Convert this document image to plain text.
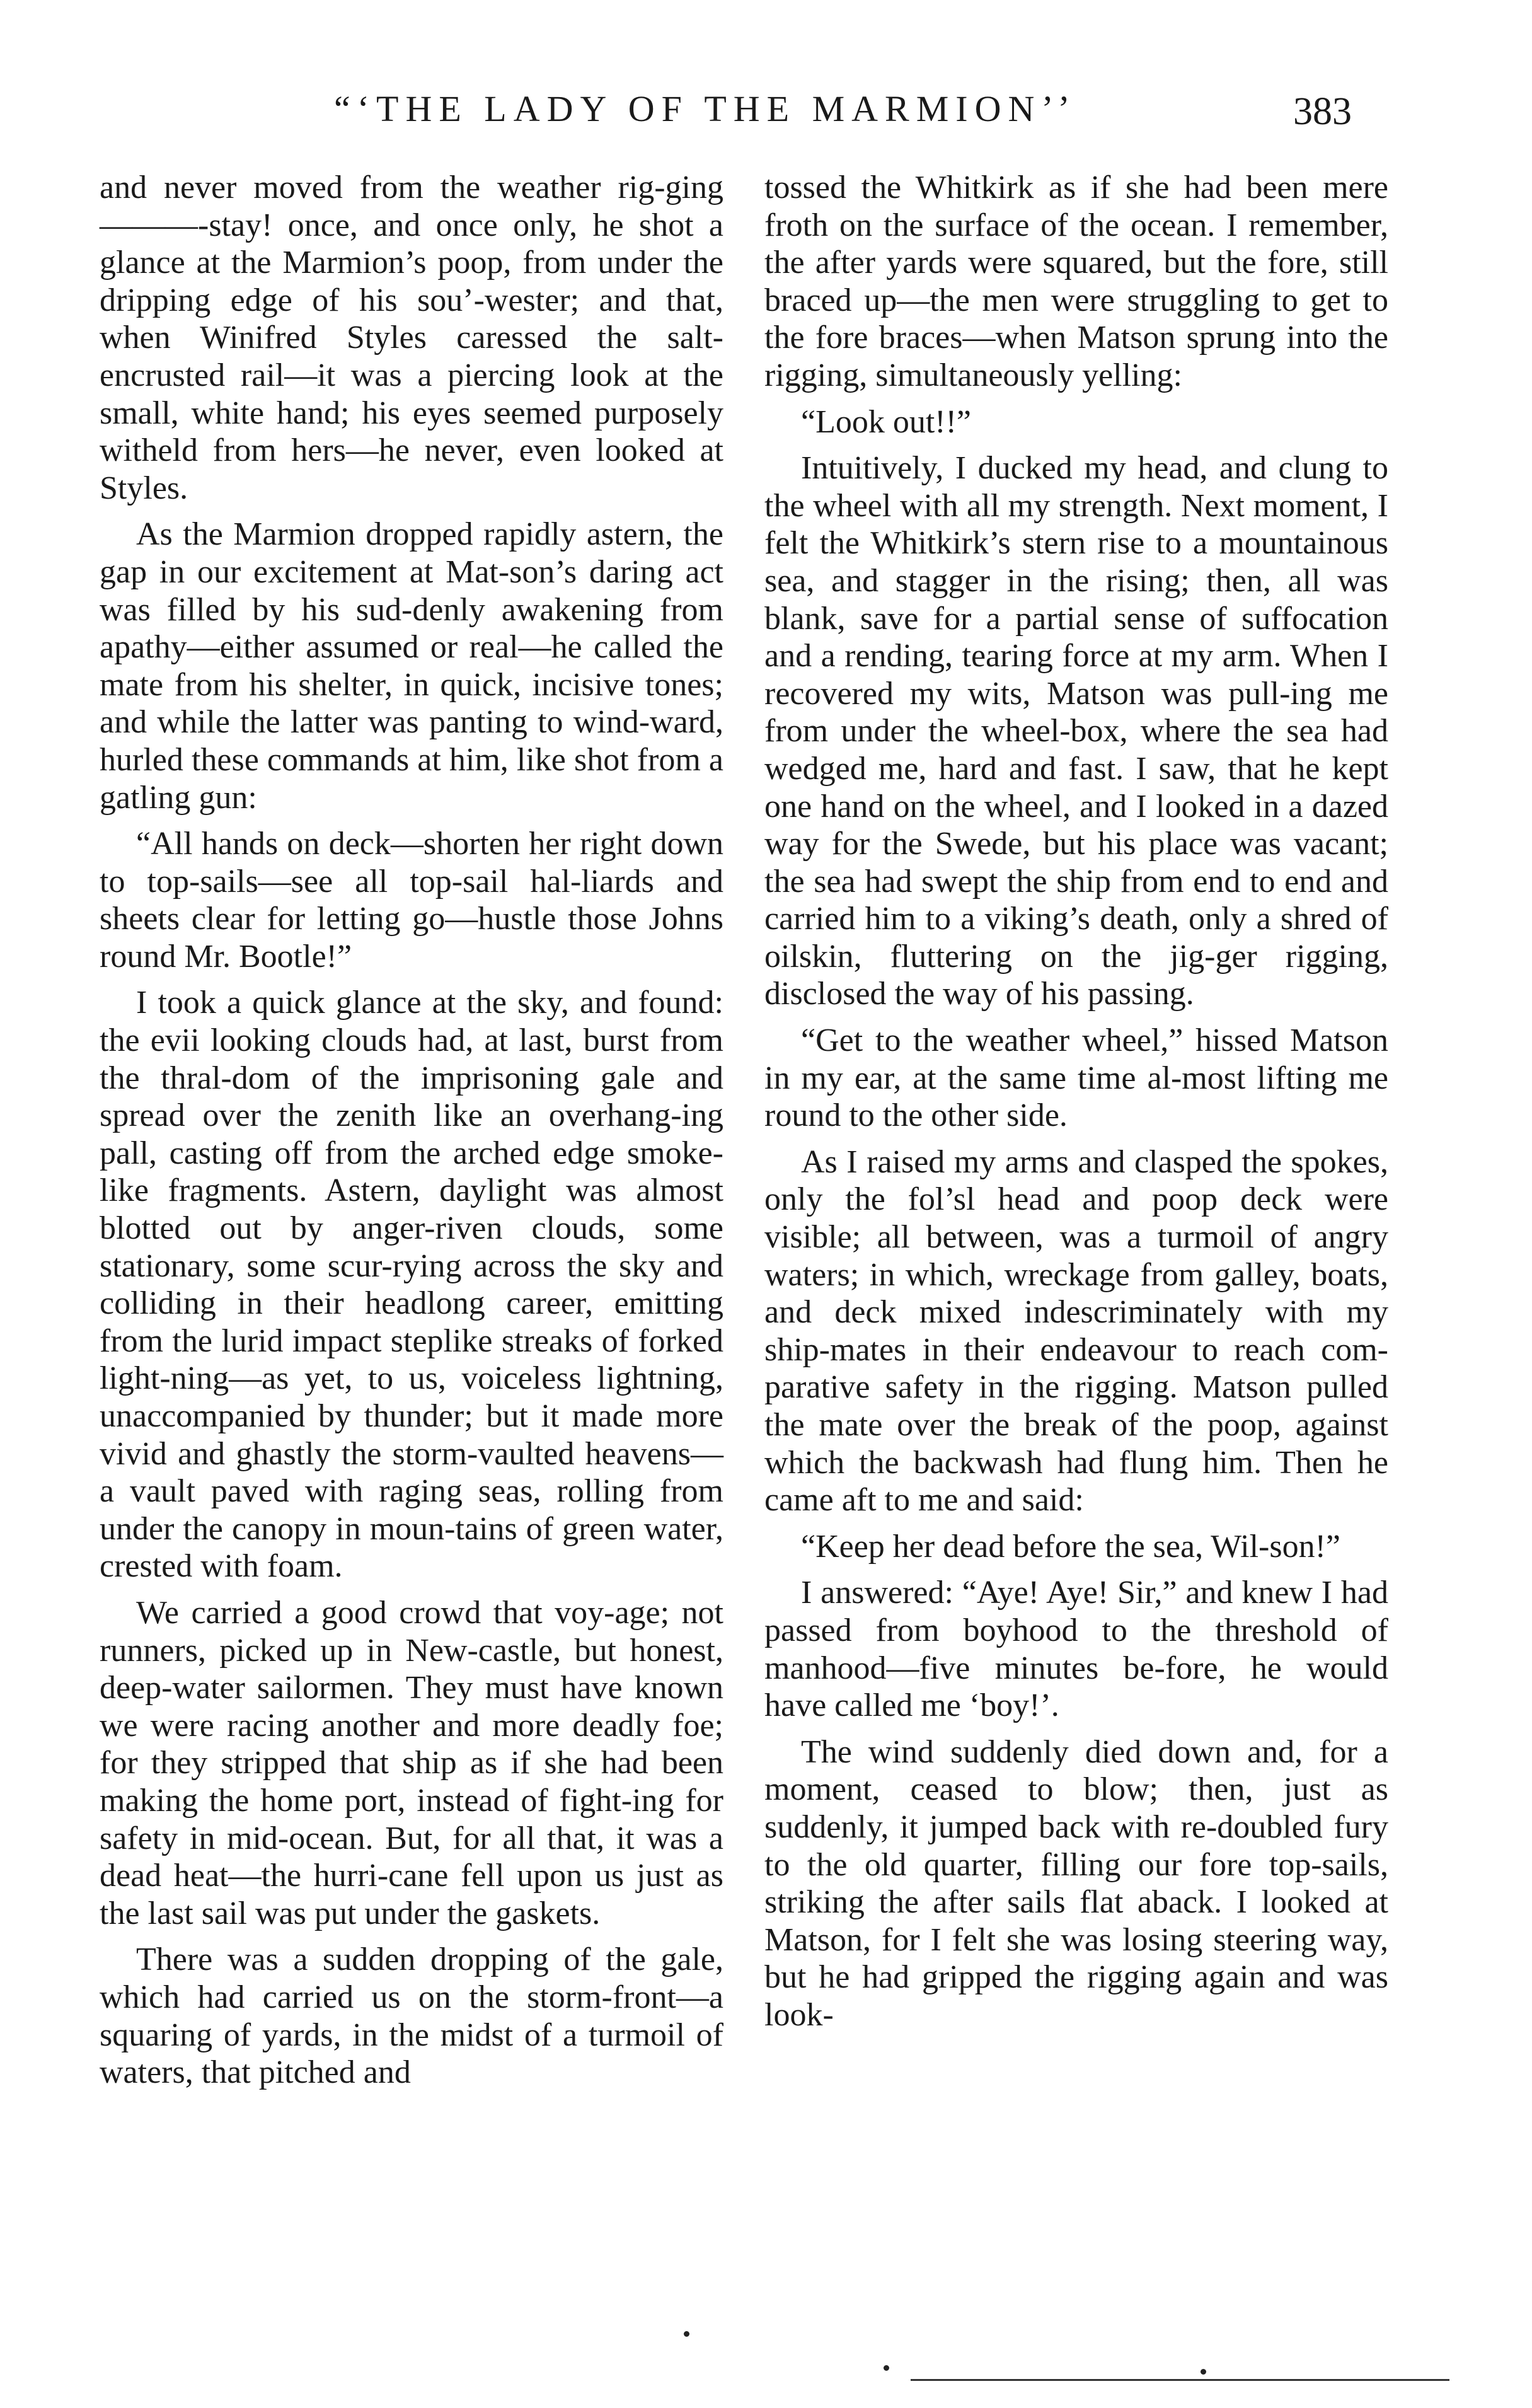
“‘THE LADY OF THE MARMION’’	383

and never moved from the weather rig-ging———-stay! once, and once only, he shot a glance at the Marmion’s poop, from under the dripping edge of his sou’-wester; and that, when Winifred Styles caressed the salt-encrusted rail—it was a piercing look at the small, white hand; his eyes seemed purposely witheld from hers—he never, even looked at Styles.

As the Marmion dropped rapidly astern, the gap in our excitement at Mat-son’s daring act was filled by his sud-denly awakening from apathy—either assumed or real—he called the mate from his shelter, in quick, incisive tones; and while the latter was panting to wind-ward, hurled these commands at him, like shot from a gatling gun:

“All hands on deck—shorten her right down to top-sails—see all top-sail hal-liards and sheets clear for letting go—hustle those Johns round Mr. Bootle!”

I took a quick glance at the sky, and found: the evii looking clouds had, at last, burst from the thral-dom of the imprisoning gale and spread over the zenith like an overhang-ing pall, casting off from the arched edge smoke-like fragments. Astern, daylight was almost blotted out by anger-riven clouds, some stationary, some scur-rying across the sky and colliding in their headlong career, emitting from the lurid impact steplike streaks of forked light-ning—as yet, to us, voiceless lightning, unaccompanied by thunder; but it made more vivid and ghastly the storm-vaulted heavens—a vault paved with raging seas, rolling from under the canopy in moun-tains of green water, crested with foam.

We carried a good crowd that voy-age; not runners, picked up in New-castle, but honest, deep-water sailormen. They must have known we were racing another and more deadly foe; for they stripped that ship as if she had been making the home port, instead of fight-ing for safety in mid-ocean. But, for all that, it was a dead heat—the hurri-cane fell upon us just as the last sail was put under the gaskets.

There was a sudden dropping of the gale, which had carried us on the storm-front—a squaring of yards, in the midst of a turmoil of waters, that pitched and

tossed the Whitkirk as if she had been mere froth on the surface of the ocean. I remember, the after yards were squared, but the fore, still braced up—the men were struggling to get to the fore braces—when Matson sprung into the rigging, simultaneously yelling:

“Look out!!”

Intuitively, I ducked my head, and clung to the wheel with all my strength. Next moment, I felt the Whitkirk’s stern rise to a mountainous sea, and stagger in the rising; then, all was blank, save for a partial sense of suffocation and a rending, tearing force at my arm. When I recovered my wits, Matson was pull-ing me from under the wheel-box, where the sea had wedged me, hard and fast. I saw, that he kept one hand on the wheel, and I looked in a dazed way for the Swede, but his place was vacant; the sea had swept the ship from end to end and carried him to a viking’s death, only a shred of oilskin, fluttering on the jig-ger rigging, disclosed the way of his passing.

“Get to the weather wheel,” hissed Matson in my ear, at the same time al-most lifting me round to the other side.

As I raised my arms and clasped the spokes, only the fol’sl head and poop deck were visible; all between, was a turmoil of angry waters; in which, wreckage from galley, boats, and deck mixed indescriminately with my ship-mates in their endeavour to reach com-parative safety in the rigging. Matson pulled the mate over the break of the poop, against which the backwash had flung him. Then he came aft to me and said:

“Keep her dead before the sea, Wil-son!”

I answered: “Aye! Aye! Sir,” and knew I had passed from boyhood to the threshold of manhood—five minutes be-fore, he would have called me ‘boy!’.

The wind suddenly died down and, for a moment, ceased to blow; then, just as suddenly, it jumped back with re-doubled fury to the old quarter, filling our fore top-sails, striking the after sails flat aback. I looked at Matson, for I felt she was losing steering way, but he had gripped the rigging again and was look-
